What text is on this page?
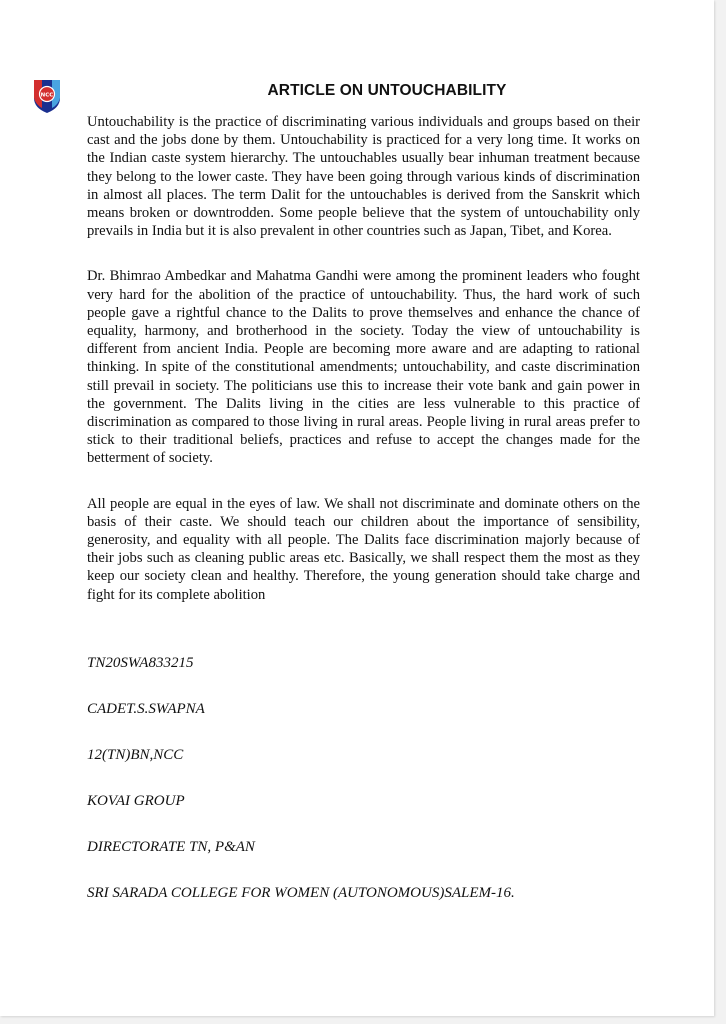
NCC	ARTICLE ON UNTOUCHABILITY

Untouchability is the practice of discriminating various individuals and groups based on their cast and the jobs done by them. Untouchability is practiced for a very long time. It works on the Indian caste system hierarchy. The untouchables usually bear inhuman treatment because they belong to the lower caste. They have been going through various kinds of discrimination in almost all places. The term Dalit for the untouchables is derived from the Sanskrit which means broken or downtrodden. Some people believe that the system of untouchability only prevails in India but it is also prevalent in other countries such as Japan, Tibet, and Korea.

Dr. Bhimrao Ambedkar and Mahatma Gandhi were among the prominent leaders who fought very hard for the abolition of the practice of untouchability. Thus, the hard work of such people gave a rightful chance to the Dalits to prove themselves and enhance the chance of equality, harmony, and brotherhood in the society. Today the view of untouchability is different from ancient India. People are becoming more aware and are adapting to rational thinking. In spite of the constitutional amendments; untouchability, and caste discrimination still prevail in society. The politicians use this to increase their vote bank and gain power in the government. The Dalits living in the cities are less vulnerable to this practice of discrimination as compared to those living in rural areas. People living in rural areas prefer to stick to their traditional beliefs, practices and refuse to accept the changes made for the betterment of society.

All people are equal in the eyes of law. We shall not discriminate and dominate others on the basis of their caste. We should teach our children about the importance of sensibility, generosity, and equality with all people. The Dalits face discrimination majorly because of their jobs such as cleaning public areas etc. Basically, we shall respect them the most as they keep our society clean and healthy. Therefore, the young generation should take charge and fight for its complete abolition

TN20SWA833215
CADET.S.SWAPNA
12(TN)BN,NCC
KOVAI GROUP
DIRECTORATE TN, P&AN
SRI SARADA COLLEGE FOR WOMEN (AUTONOMOUS)SALEM-16.
